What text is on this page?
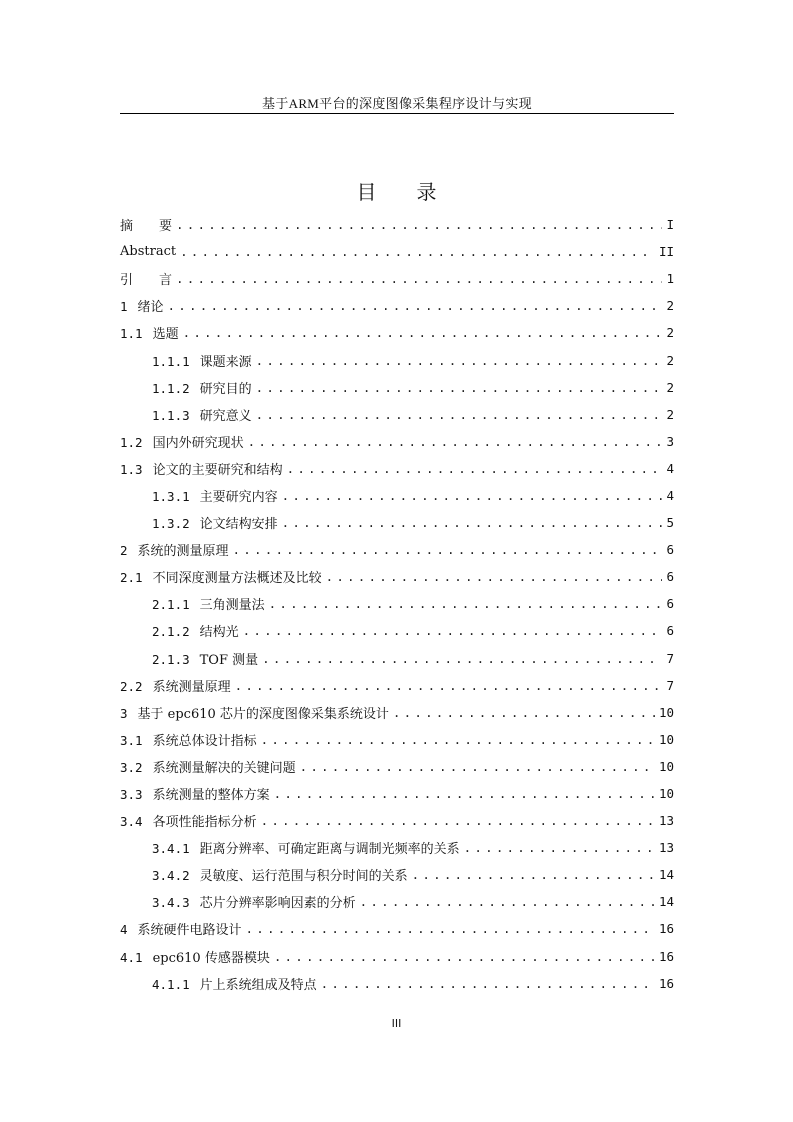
基于ARM平台的深度图像采集程序设计与实现
目 录
摘　　要 .....	I
Abstract .....	II
引　　言 .....	1
1 绪论 .....	2
1.1 选题 .....	2
1.1.1 课题来源 .....	2
1.1.2 研究目的 .....	2
1.1.3 研究意义 .....	2
1.2 国内外研究现状 .....	3
1.3 论文的主要研究和结构 .....	4
1.3.1 主要研究内容 .....	4
1.3.2 论文结构安排 .....	5
2 系统的测量原理 .....	6
2.1 不同深度测量方法概述及比较 .....	6
2.1.1 三角测量法 .....	6
2.1.2 结构光 .....	6
2.1.3 TOF 测量 .....	7
2.2 系统测量原理 .....	7
3 基于 epc610 芯片的深度图像采集系统设计 .....	10
3.1 系统总体设计指标 .....	10
3.2 系统测量解决的关键问题 .....	10
3.3 系统测量的整体方案 .....	10
3.4 各项性能指标分析 .....	13
3.4.1 距离分辨率、可确定距离与调制光频率的关系 .....	13
3.4.2 灵敏度、运行范围与积分时间的关系 .....	14
3.4.3 芯片分辨率影响因素的分析 .....	14
4 系统硬件电路设计 .....	16
4.1 epc610 传感器模块 .....	16
4.1.1 片上系统组成及特点 .....	16
III
